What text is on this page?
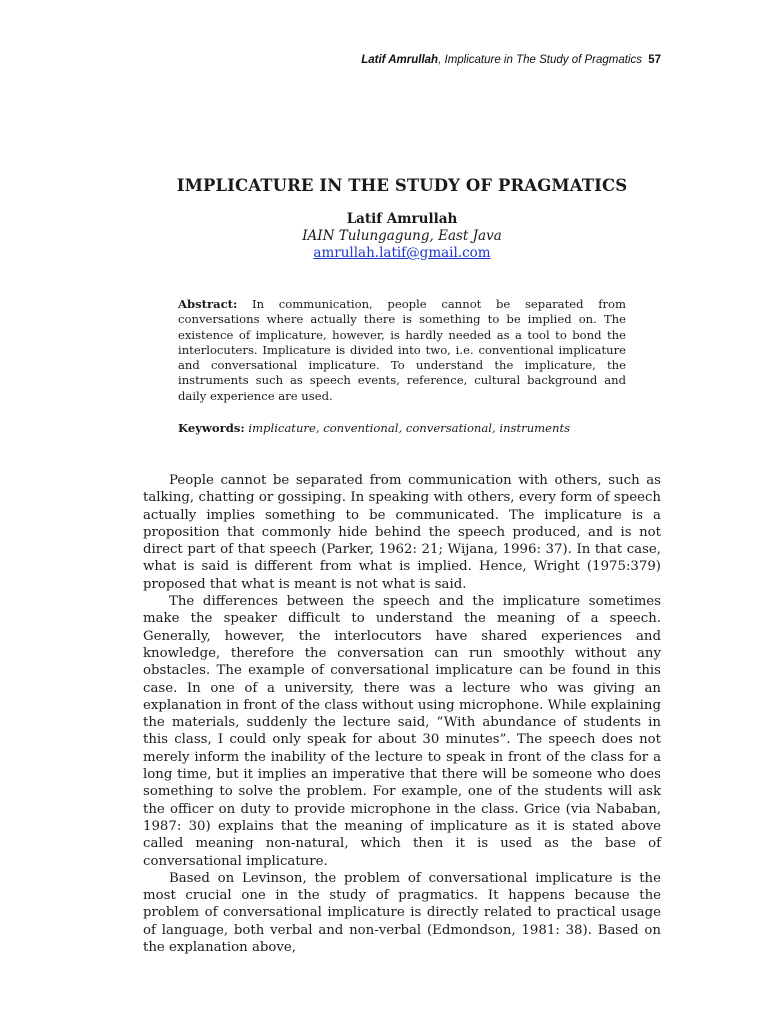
Latif Amrullah, Implicature in The Study of Pragmatics 57
IMPLICATURE IN THE STUDY OF PRAGMATICS
Latif Amrullah
IAIN Tulungagung, East Java
amrullah.latif@gmail.com

Abstract: In communication, people cannot be separated from conversations where actually there is something to be implied on. The existence of implicature, however, is hardly needed as a tool to bond the interlocuters. Implicature is divided into two, i.e. conventional implicature and conversational implicature. To understand the implicature, the instruments such as speech events, reference, cultural background and daily experience are used.

Keywords: implicature, conventional, conversational, instruments

People cannot be separated from communication with others, such as talking, chatting or gossiping. In speaking with others, every form of speech actually implies something to be communicated. The implicature is a proposition that commonly hide behind the speech produced, and is not direct part of that speech (Parker, 1962: 21; Wijana, 1996: 37). In that case, what is said is different from what is implied. Hence, Wright (1975:379) proposed that what is meant is not what is said.

The differences between the speech and the implicature sometimes make the speaker difficult to understand the meaning of a speech. Generally, however, the interlocutors have shared experiences and knowledge, therefore the conversation can run smoothly without any obstacles. The example of conversational implicature can be found in this case. In one of a university, there was a lecture who was giving an explanation in front of the class without using microphone. While explaining the materials, suddenly the lecture said, “With abundance of students in this class, I could only speak for about 30 minutes”. The speech does not merely inform the inability of the lecture to speak in front of the class for a long time, but it implies an imperative that there will be someone who does something to solve the problem. For example, one of the students will ask the officer on duty to provide microphone in the class. Grice (via Nababan, 1987: 30) explains that the meaning of implicature as it is stated above called meaning non-natural, which then it is used as the base of conversational implicature.

Based on Levinson, the problem of conversational implicature is the most crucial one in the study of pragmatics. It happens because the problem of conversational implicature is directly related to practical usage of language, both verbal and non-verbal (Edmondson, 1981: 38). Based on the explanation above,
